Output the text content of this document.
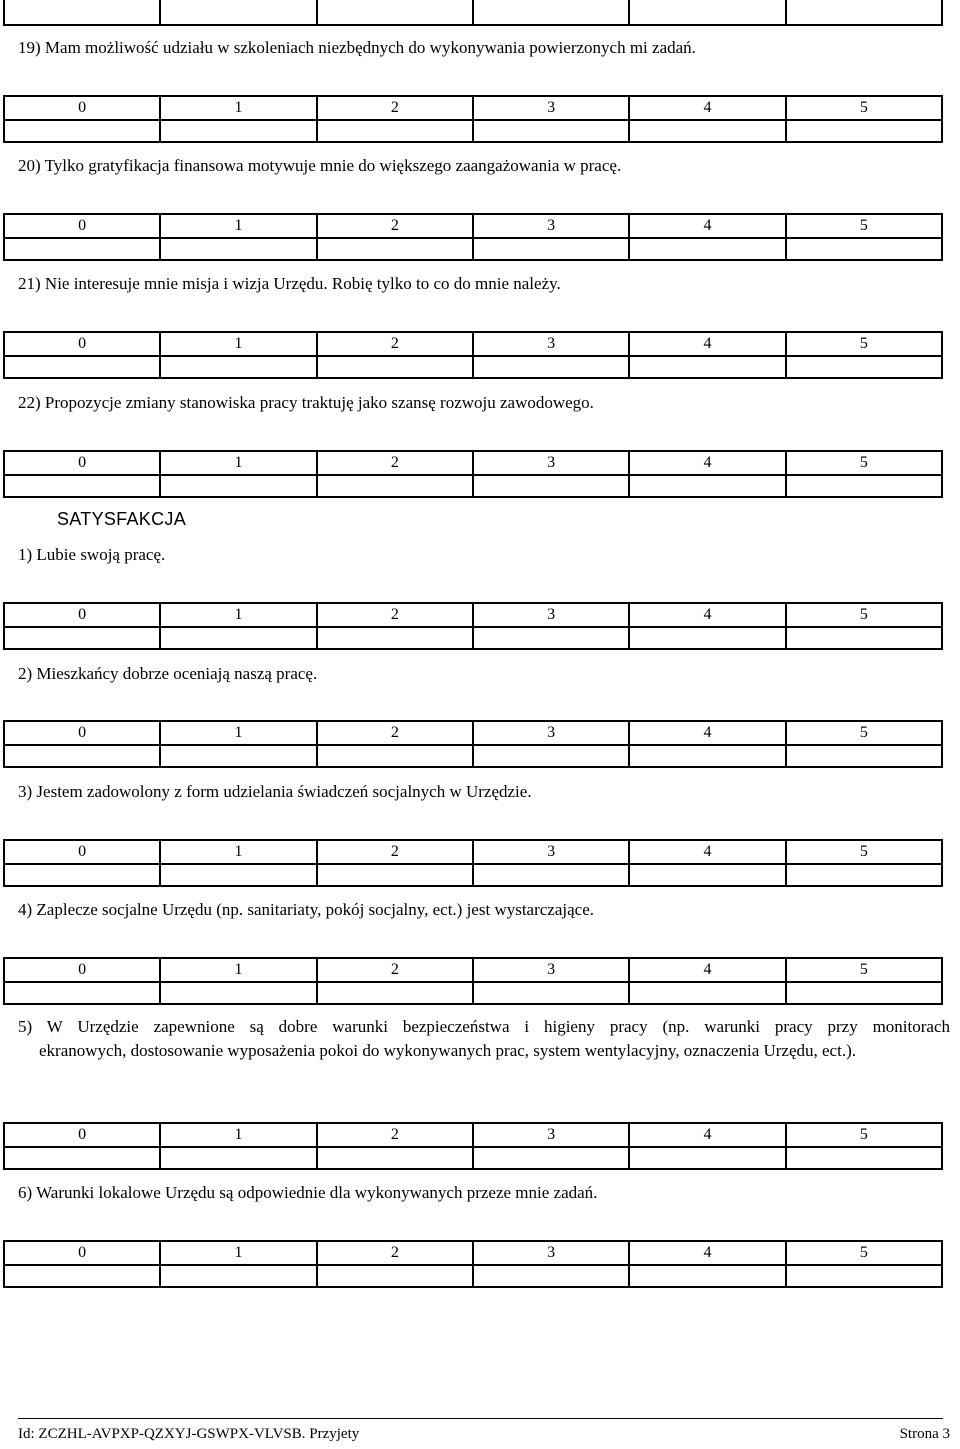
19) Mam możliwość udziału w szkoleniach niezbędnych do wykonywania powierzonych mi zadań.

0	1	2	3	4	5

20) Tylko gratyfikacja finansowa motywuje mnie do większego zaangażowania w pracę.

0	1	2	3	4	5

21) Nie interesuje mnie misja i wizja Urzędu. Robię tylko to co do mnie należy.

0	1	2	3	4	5

22) Propozycje zmiany stanowiska pracy traktuję jako szansę rozwoju zawodowego.

0	1	2	3	4	5

SATYSFAKCJA

1) Lubie swoją pracę.

0	1	2	3	4	5

2) Mieszkańcy dobrze oceniają naszą pracę.

0	1	2	3	4	5

3) Jestem zadowolony z form udzielania świadczeń socjalnych w Urzędzie.

0	1	2	3	4	5

4) Zaplecze socjalne Urzędu (np. sanitariaty, pokój socjalny, ect.) jest wystarczające.

0	1	2	3	4	5

5) W Urzędzie zapewnione są dobre warunki bezpieczeństwa i higieny pracy (np. warunki pracy przy monitorach
ekranowych, dostosowanie wyposażenia pokoi do wykonywanych prac, system wentylacyjny, oznaczenia Urzędu, ect.).
0	1	2	3	4	5

6) Warunki lokalowe Urzędu są odpowiednie dla wykonywanych przeze mnie zadań.

0	1	2	3	4	5

Id: ZCZHL-AVPXP-QZXYJ-GSWPX-VLVSB. Przyjety	Strona 3
